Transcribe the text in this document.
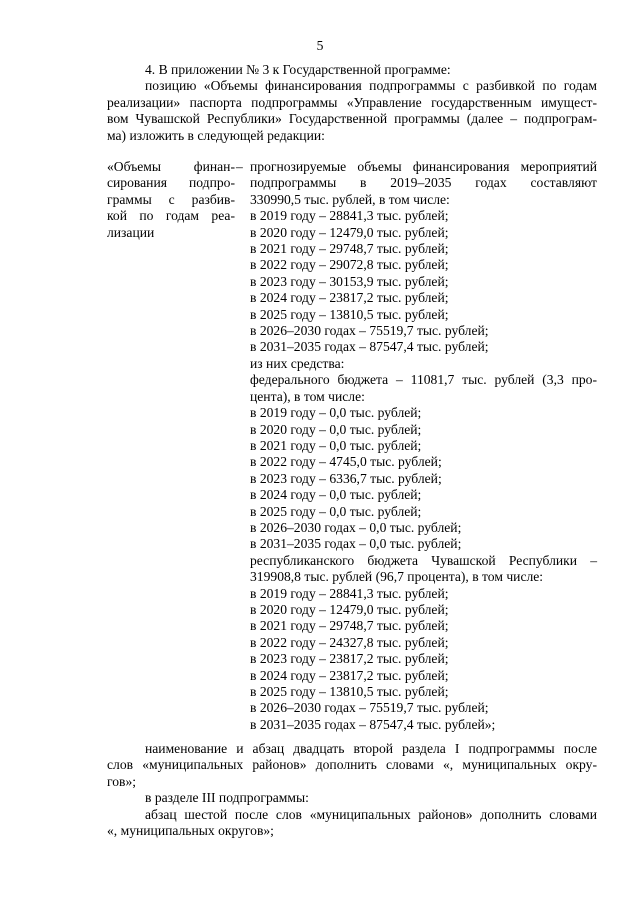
5
4. В приложении № 3 к Государственной программе:
позицию «Объемы финансирования подпрограммы с разбивкой по годам
реализации» паспорта подпрограммы «Управление государственным имущест-
вом Чувашской Республики» Государственной программы (далее – подпрограм-
ма) изложить в следующей редакции:
«Объемы финан-
сирования подпро-
граммы с разбив-
кой по годам реа-
лизации
– прогнозируемые объемы финансирования мероприятий
подпрограммы в 2019–2035 годах составляют
330990,5 тыс. рублей, в том числе:
в 2019 году – 28841,3 тыс. рублей;
в 2020 году – 12479,0 тыс. рублей;
в 2021 году – 29748,7 тыс. рублей;
в 2022 году – 29072,8 тыс. рублей;
в 2023 году – 30153,9 тыс. рублей;
в 2024 году – 23817,2 тыс. рублей;
в 2025 году – 13810,5 тыс. рублей;
в 2026–2030 годах – 75519,7 тыс. рублей;
в 2031–2035 годах – 87547,4 тыс. рублей;
из них средства:
федерального бюджета – 11081,7 тыс. рублей (3,3 про-
цента), в том числе:
в 2019 году – 0,0 тыс. рублей;
в 2020 году – 0,0 тыс. рублей;
в 2021 году – 0,0 тыс. рублей;
в 2022 году – 4745,0 тыс. рублей;
в 2023 году – 6336,7 тыс. рублей;
в 2024 году – 0,0 тыс. рублей;
в 2025 году – 0,0 тыс. рублей;
в 2026–2030 годах – 0,0 тыс. рублей;
в 2031–2035 годах – 0,0 тыс. рублей;
республиканского бюджета Чувашской Республики –
319908,8 тыс. рублей (96,7 процента), в том числе:
в 2019 году – 28841,3 тыс. рублей;
в 2020 году – 12479,0 тыс. рублей;
в 2021 году – 29748,7 тыс. рублей;
в 2022 году – 24327,8 тыс. рублей;
в 2023 году – 23817,2 тыс. рублей;
в 2024 году – 23817,2 тыс. рублей;
в 2025 году – 13810,5 тыс. рублей;
в 2026–2030 годах – 75519,7 тыс. рублей;
в 2031–2035 годах – 87547,4 тыс. рублей»;
наименование и абзац двадцать второй раздела I подпрограммы после
слов «муниципальных районов» дополнить словами «, муниципальных окру-
гов»;
в разделе III подпрограммы:
абзац шестой после слов «муниципальных районов» дополнить словами
«, муниципальных округов»;
